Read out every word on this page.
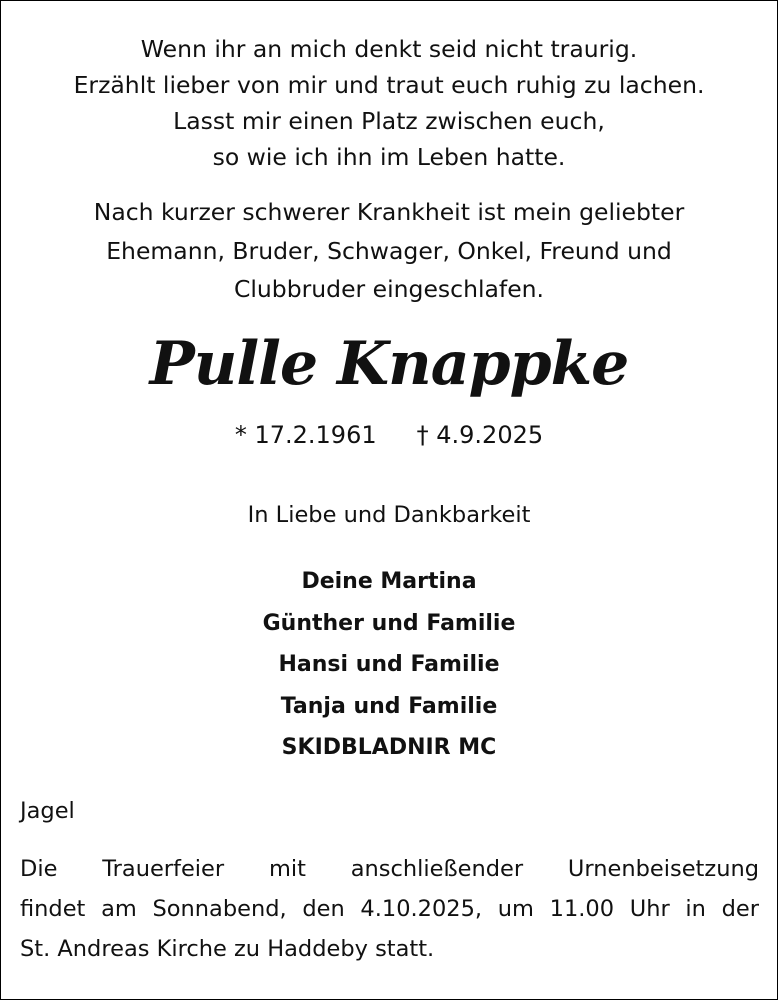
Wenn ihr an mich denkt seid nicht traurig.
Erzählt lieber von mir und traut euch ruhig zu lachen.
Lasst mir einen Platz zwischen euch,
so wie ich ihn im Leben hatte.
Nach kurzer schwerer Krankheit ist mein geliebter
Ehemann, Bruder, Schwager, Onkel, Freund und
Clubbruder eingeschlafen.
Pulle Knappke
* 17.2.1961 † 4.9.2025
In Liebe und Dankbarkeit
Deine Martina
Günther und Familie
Hansi und Familie
Tanja und Familie
SKIDBLADNIR MC
Jagel
Die Trauerfeier mit anschließender Urnenbeisetzung
findet am Sonnabend, den 4.10.2025, um 11.00 Uhr in der
St. Andreas Kirche zu Haddeby statt.
